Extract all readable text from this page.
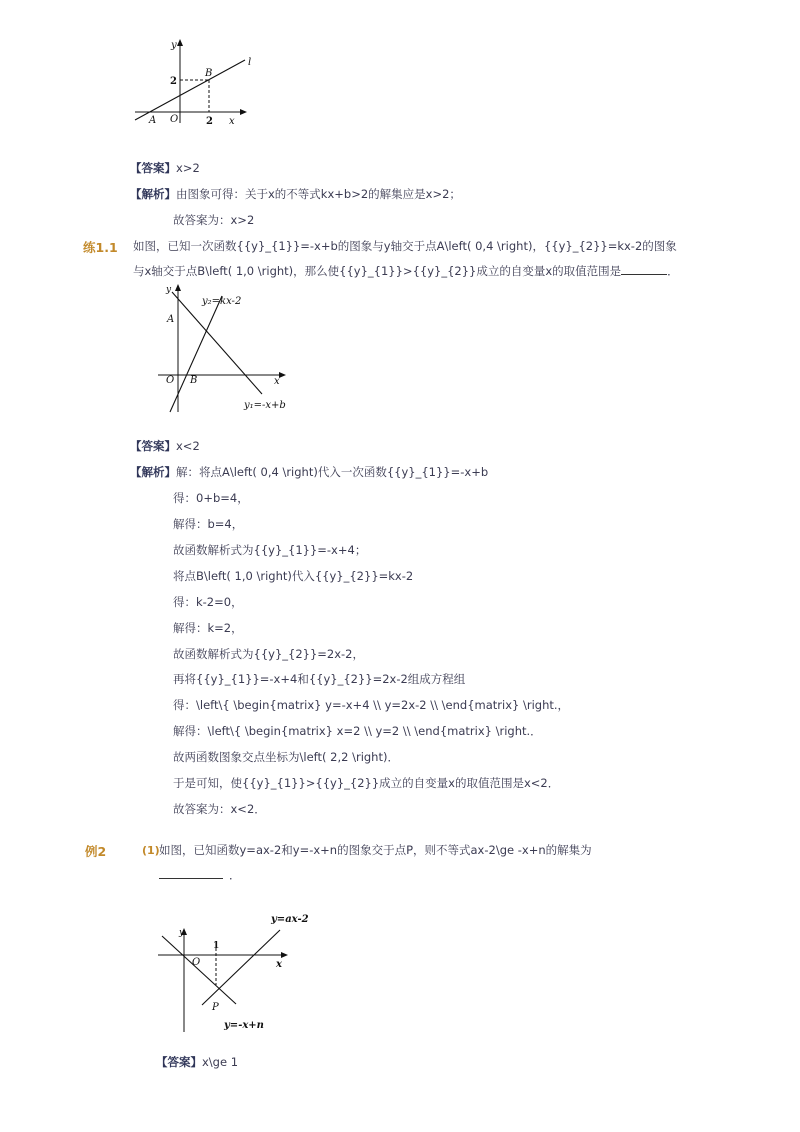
y
l
2
B
A O	2 x
【答案】x>2
【解析】由图象可得：关于x的不等式kx+b>2的解集应是x>2；
故答案为：x>2
练1.1 如图，已知一次函数{{y}_{1}}=-x+b的图象与y轴交于点A\left( 0,4 \right)，{{y}_{2}}=kx-2的图象
与x轴交于点B\left( 1,0 \right)，那么使{{y}_{1}}>{{y}_{2}}成立的自变量x的取值范围是	．
y
y₂=kx-2
A
O B	x
y₁=-x+b
【答案】x<2
【解析】解：将点A\left( 0,4 \right)代入一次函数{{y}_{1}}=-x+b
得：0+b=4，
解得：b=4，
故函数解析式为{{y}_{1}}=-x+4；
将点B\left( 1,0 \right)代入{{y}_{2}}=kx-2
得：k-2=0，
解得：k=2，
故函数解析式为{{y}_{2}}=2x-2，
再将{{y}_{1}}=-x+4和{{y}_{2}}=2x-2组成方程组
得：\left\{ \begin{matrix} y=-x+4 \\ y=2x-2 \\ \end{matrix} \right.，
解得：\left\{ \begin{matrix} x=2 \\ y=2 \\ \end{matrix} \right.．
故两函数图象交点坐标为\left( 2,2 \right)．
于是可知，使{{y}_{1}}>{{y}_{2}}成立的自变量x的取值范围是x<2．
故答案为：x<2．
例2	(1) 如图，已知函数y=ax-2和y=-x+n的图象交于点P，则不等式ax-2\ge -x+n的解集为
．
y=ax-2
y
1
O	x
P
y=-x+n
【答案】x\ge 1
